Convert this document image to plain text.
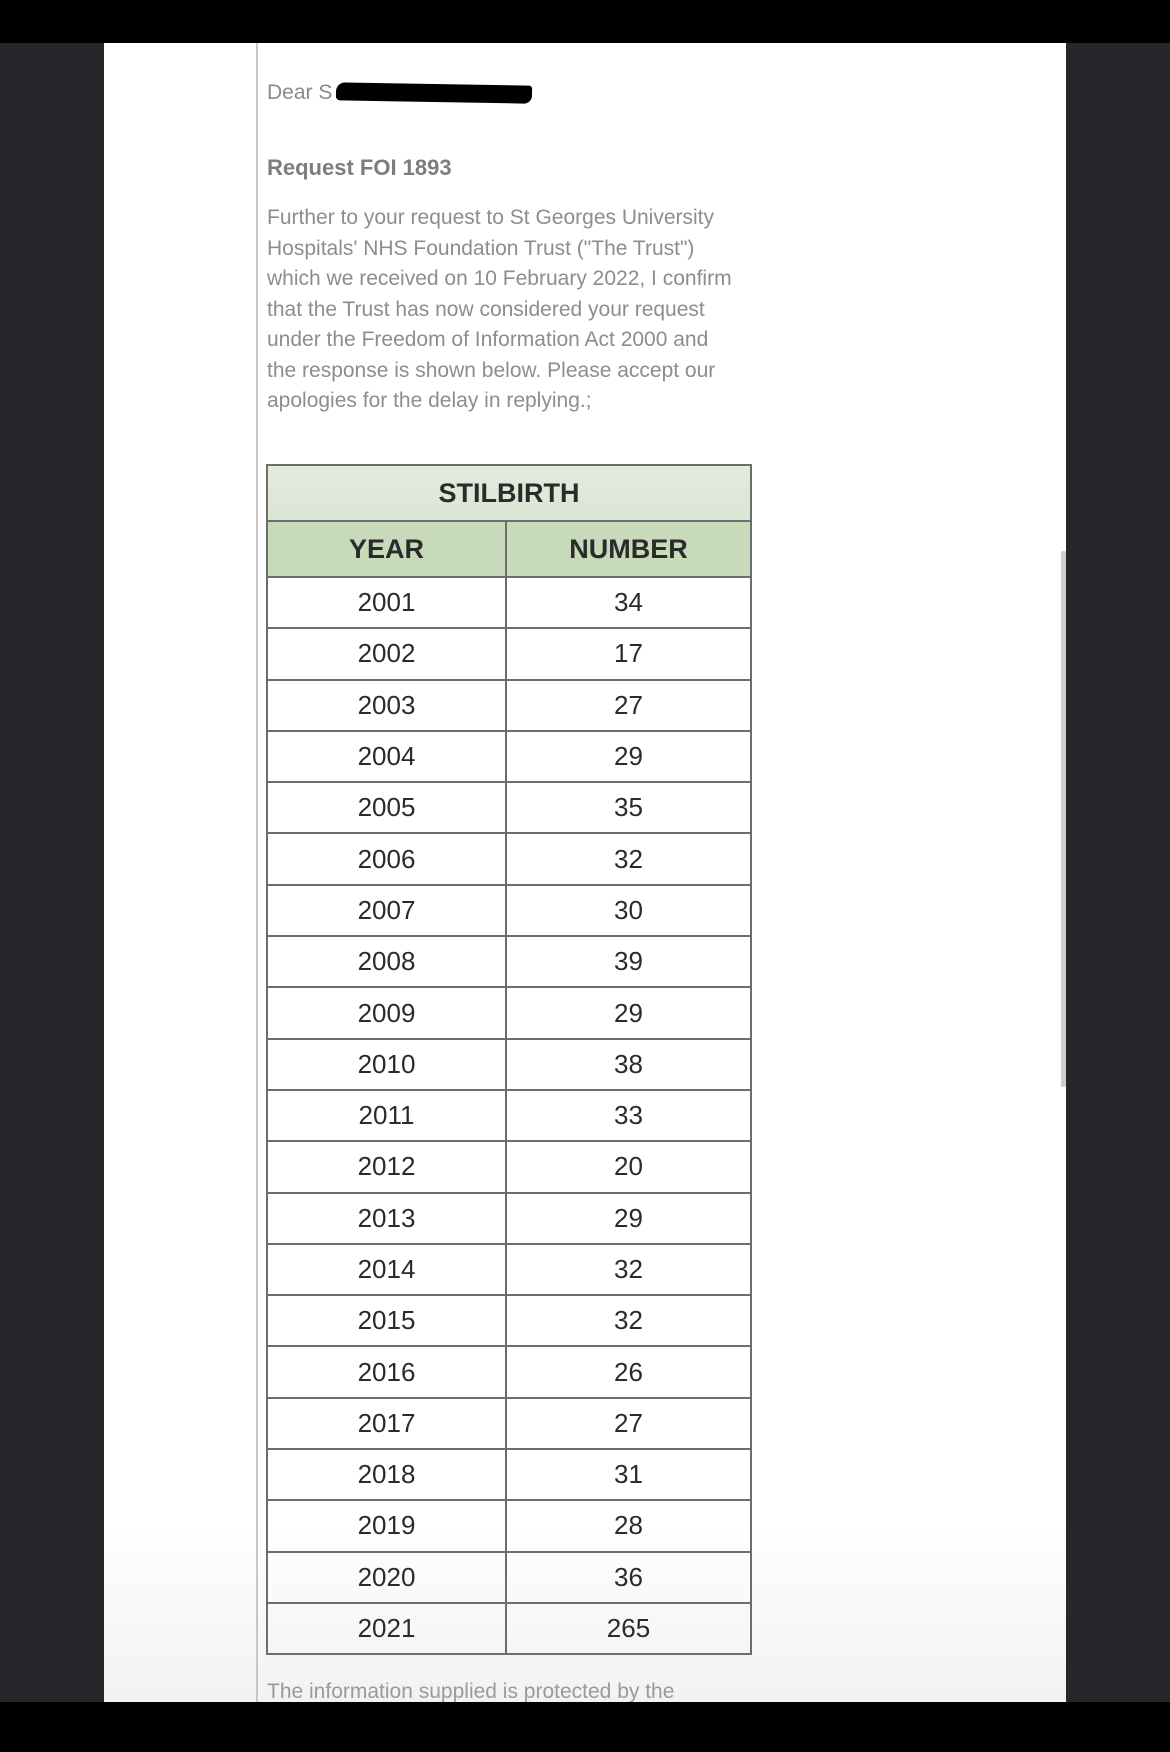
Dear S
Request FOI 1893
Further to your request to St Georges University
Hospitals' NHS Foundation Trust ("The Trust")
which we received on 10 February 2022, I confirm
that the Trust has now considered your request
under the Freedom of Information Act 2000 and
the response is shown below. Please accept our
apologies for the delay in replying.;
STILBIRTH	
YEAR	NUMBER
2001	34
2002	17
2003	27
2004	29
2005	35
2006	32
2007	30
2008	39
2009	29
2010	38
2011	33
2012	20
2013	29
2014	32
2015	32
2016	26
2017	27
2018	31
2019	28
2020	36
2021	265
The information supplied is protected by the
